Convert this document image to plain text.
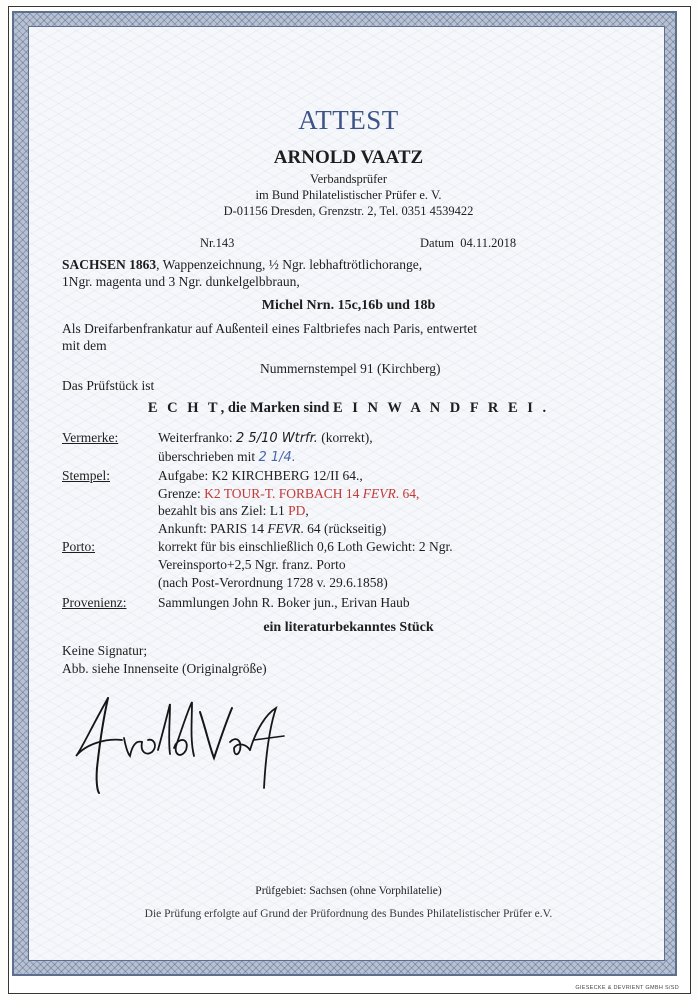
ATTEST
ARNOLD VAATZ
Verbandsprüfer
im Bund Philatelistischer Prüfer e. V.
D-01156 Dresden, Grenzstr. 2, Tel. 0351 4539422
Nr.143	Datum 04.11.2018
SACHSEN 1863, Wappenzeichnung, ½ Ngr. lebhaftrötlichorange,
1Ngr. magenta und 3 Ngr. dunkelgelbbraun,
Michel Nrn. 15c,16b und 18b
Als Dreifarbenfrankatur auf Außenteil eines Faltbriefes nach Paris, entwertet
mit dem
Nummernstempel 91 (Kirchberg)
Das Prüfstück ist
E C H T, die Marken sind E I N W A N D F R E I .
Vermerke:	Weiterfranko: 2 5/10 Wtrfr. (korrekt),
überschrieben mit 2 1/4.
Stempel:	Aufgabe: K2 KIRCHBERG 12/II 64.,
Grenze: K2 TOUR-T. FORBACH 14 FEVR. 64,
bezahlt bis ans Ziel: L1 PD,
Ankunft: PARIS 14 FEVR. 64 (rückseitig)
Porto:	korrekt für bis einschließlich 0,6 Loth Gewicht: 2 Ngr.
Vereinsporto+2,5 Ngr. franz. Porto
(nach Post-Verordnung 1728 v. 29.6.1858)
Provenienz: Sammlungen John R. Boker jun., Erivan Haub
ein literaturbekanntes Stück
Keine Signatur;
Abb. siehe Innenseite (Originalgröße)
Prüfgebiet: Sachsen (ohne Vorphilatelie)
Die Prüfung erfolgte auf Grund der Prüfordnung des Bundes Philatelistischer Prüfer e.V.
GIESECKE & DEVRIENT GMBH S/SD
